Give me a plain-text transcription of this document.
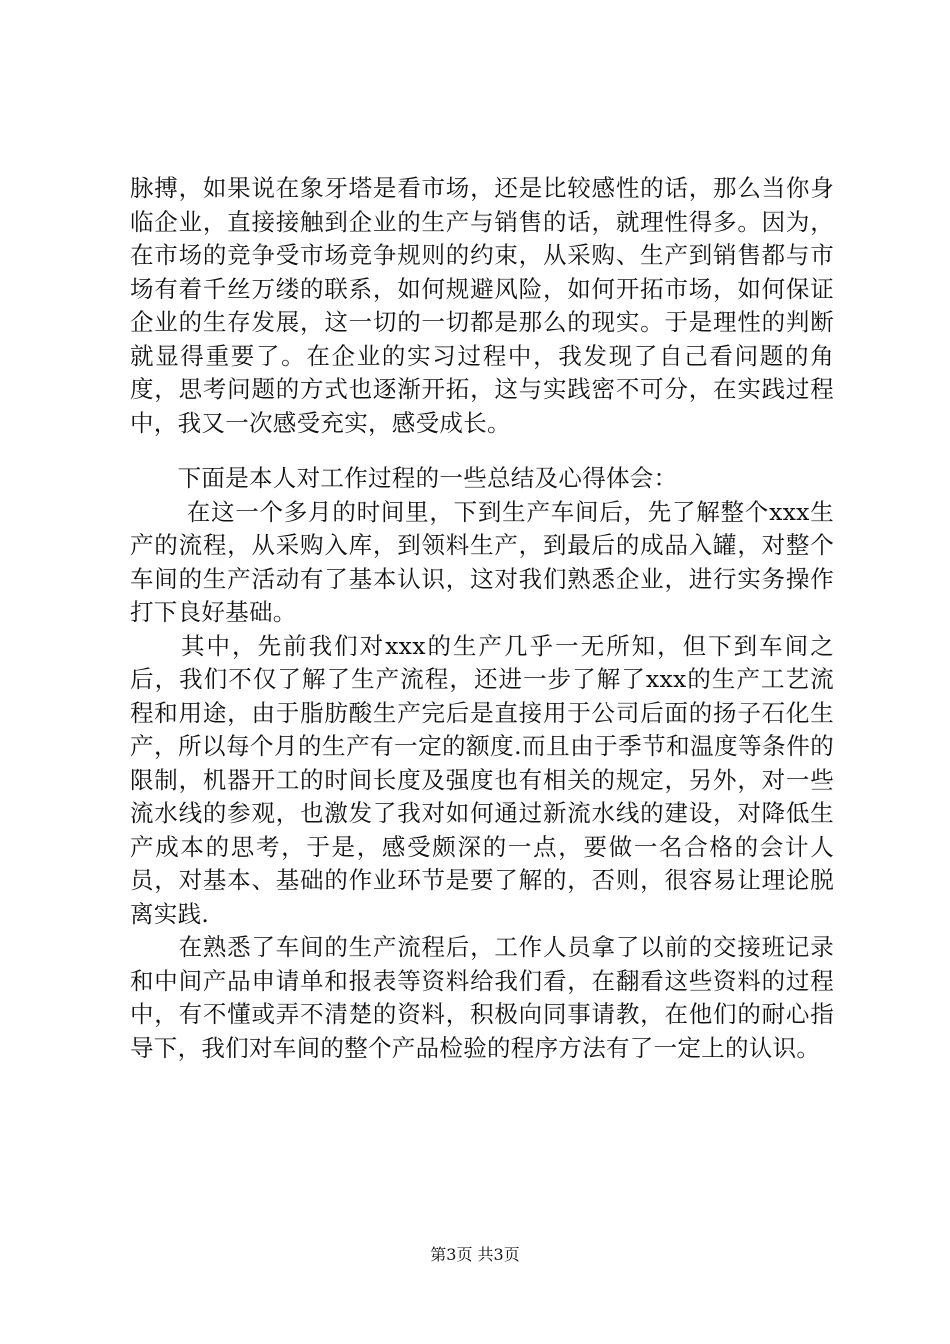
脉搏，如果说在象牙塔是看市场，还是比较感性的话，那么当你身临企业，直接接触到企业的生产与销售的话，就理性得多。因为，在市场的竞争受市场竞争规则的约束，从采购、生产到销售都与市场有着千丝万缕的联系，如何规避风险，如何开拓市场，如何保证企业的生存发展，这一切的一切都是那么的现实。于是理性的判断就显得重要了。在企业的实习过程中，我发现了自己看问题的角度，思考问题的方式也逐渐开拓，这与实践密不可分，在实践过程中，我又一次感受充实，感受成长。

　　下面是本人对工作过程的一些总结及心得体会：

　　 在这一个多月的时间里，下到生产车间后，先了解整个xxx生产的流程，从采购入库，到领料生产，到最后的成品入罐，对整个车间的生产活动有了基本认识，这对我们熟悉企业，进行实务操作打下良好基础。

　　其中，先前我们对xxx的生产几乎一无所知，但下到车间之后，我们不仅了解了生产流程，还进一步了解了xxx的生产工艺流程和用途，由于脂肪酸生产完后是直接用于公司后面的扬子石化生产，所以每个月的生产有一定的额度.而且由于季节和温度等条件的限制，机器开工的时间长度及强度也有相关的规定，另外，对一些流水线的参观，也激发了我对如何通过新流水线的建设，对降低生产成本的思考，于是，感受颇深的一点，要做一名合格的会计人员，对基本、基础的作业环节是要了解的，否则，很容易让理论脱离实践.

　　在熟悉了车间的生产流程后，工作人员拿了以前的交接班记录和中间产品申请单和报表等资料给我们看，在翻看这些资料的过程中，有不懂或弄不清楚的资料，积极向同事请教，在他们的耐心指导下，我们对车间的整个产品检验的程序方法有了一定上的认识。

第3页 共3页
